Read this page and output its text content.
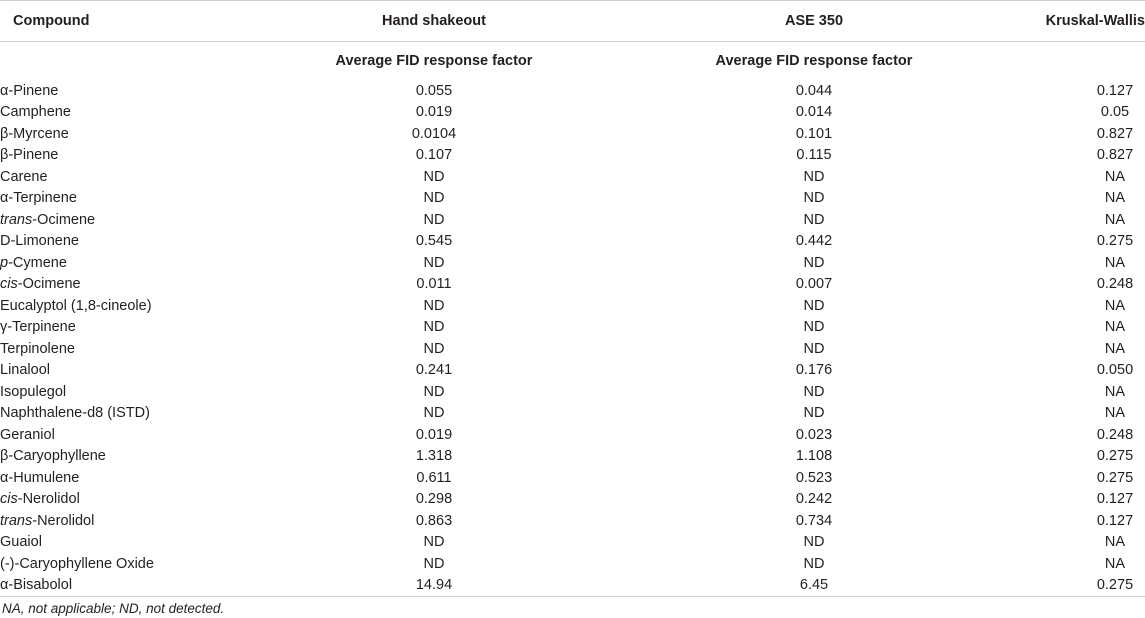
Compound	Hand shakeout	ASE 350	Kruskal-Wallis
	Average FID response factor	Average FID response factor	
α-Pinene	0.055	0.044	0.127
Camphene	0.019	0.014	0.05
β-Myrcene	0.0104	0.101	0.827
β-Pinene	0.107	0.115	0.827
Carene	ND	ND	NA
α-Terpinene	ND	ND	NA
trans-Ocimene	ND	ND	NA
D-Limonene	0.545	0.442	0.275
p-Cymene	ND	ND	NA
cis-Ocimene	0.011	0.007	0.248
Eucalyptol (1,8-cineole)	ND	ND	NA
γ-Terpinene	ND	ND	NA
Terpinolene	ND	ND	NA
Linalool	0.241	0.176	0.050
Isopulegol	ND	ND	NA
Naphthalene-d8 (ISTD)	ND	ND	NA
Geraniol	0.019	0.023	0.248
β-Caryophyllene	1.318	1.108	0.275
α-Humulene	0.611	0.523	0.275
cis-Nerolidol	0.298	0.242	0.127
trans-Nerolidol	0.863	0.734	0.127
Guaiol	ND	ND	NA
(-)-Caryophyllene Oxide	ND	ND	NA
α-Bisabolol	14.94	6.45	0.275
NA, not applicable; ND, not detected.
